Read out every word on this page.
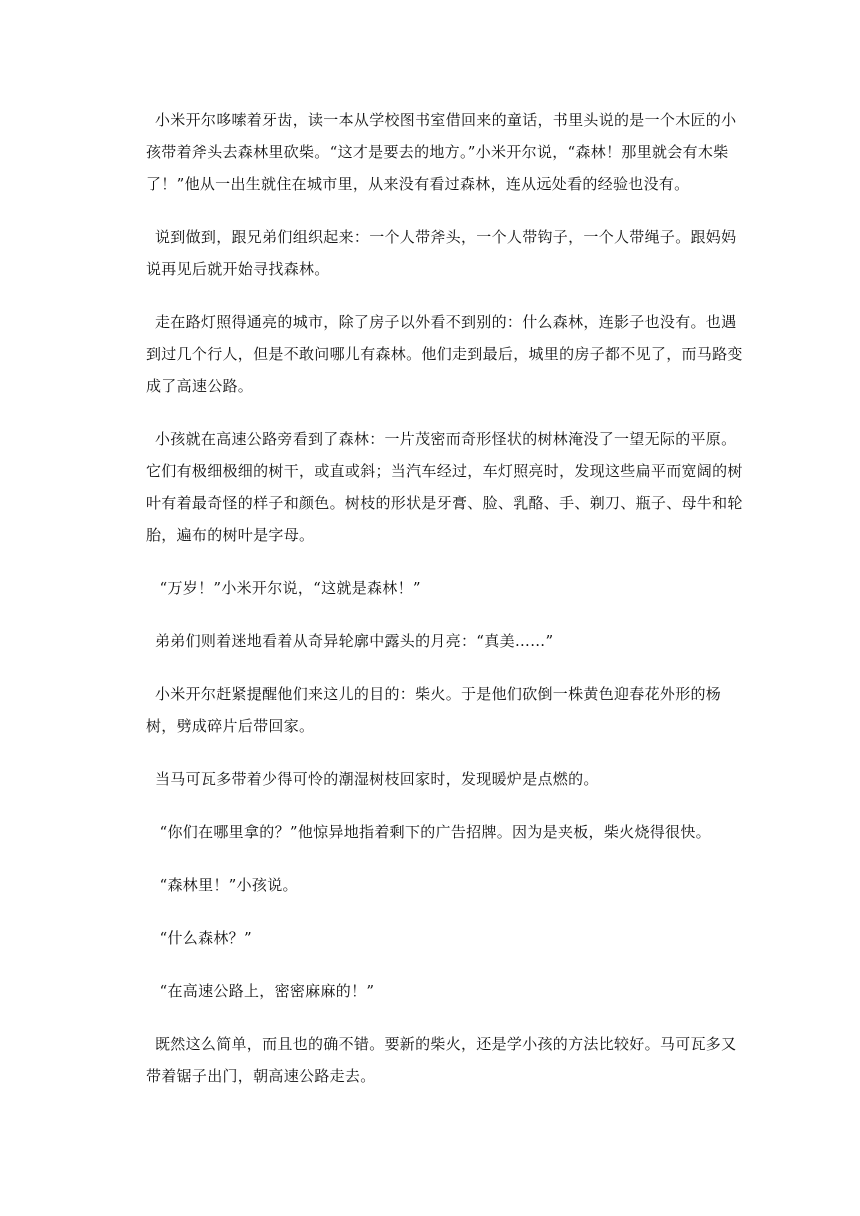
小米开尔哆嗦着牙齿，读一本从学校图书室借回来的童话，书里头说的是一个木匠的小孩带着斧头去森林里砍柴。“这才是要去的地方。”小米开尔说，“森林！那里就会有木柴了！”他从一出生就住在城市里，从来没有看过森林，连从远处看的经验也没有。

说到做到，跟兄弟们组织起来：一个人带斧头，一个人带钩子，一个人带绳子。跟妈妈说再见后就开始寻找森林。

走在路灯照得通亮的城市，除了房子以外看不到别的：什么森林，连影子也没有。也遇到过几个行人，但是不敢问哪儿有森林。他们走到最后，城里的房子都不见了，而马路变成了高速公路。

小孩就在高速公路旁看到了森林：一片茂密而奇形怪状的树林淹没了一望无际的平原。它们有极细极细的树干，或直或斜；当汽车经过，车灯照亮时，发现这些扁平而宽阔的树叶有着最奇怪的样子和颜色。树枝的形状是牙膏、脸、乳酪、手、剃刀、瓶子、母牛和轮胎，遍布的树叶是字母。

“万岁！”小米开尔说，“这就是森林！”

弟弟们则着迷地看着从奇异轮廓中露头的月亮：“真美……”

小米开尔赶紧提醒他们来这儿的目的：柴火。于是他们砍倒一株黄色迎春花外形的杨树，劈成碎片后带回家。

当马可瓦多带着少得可怜的潮湿树枝回家时，发现暖炉是点燃的。

“你们在哪里拿的？”他惊异地指着剩下的广告招牌。因为是夹板，柴火烧得很快。

“森林里！”小孩说。

“什么森林？”

“在高速公路上，密密麻麻的！”

既然这么简单，而且也的确不错。要新的柴火，还是学小孩的方法比较好。马可瓦多又带着锯子出门，朝高速公路走去。
